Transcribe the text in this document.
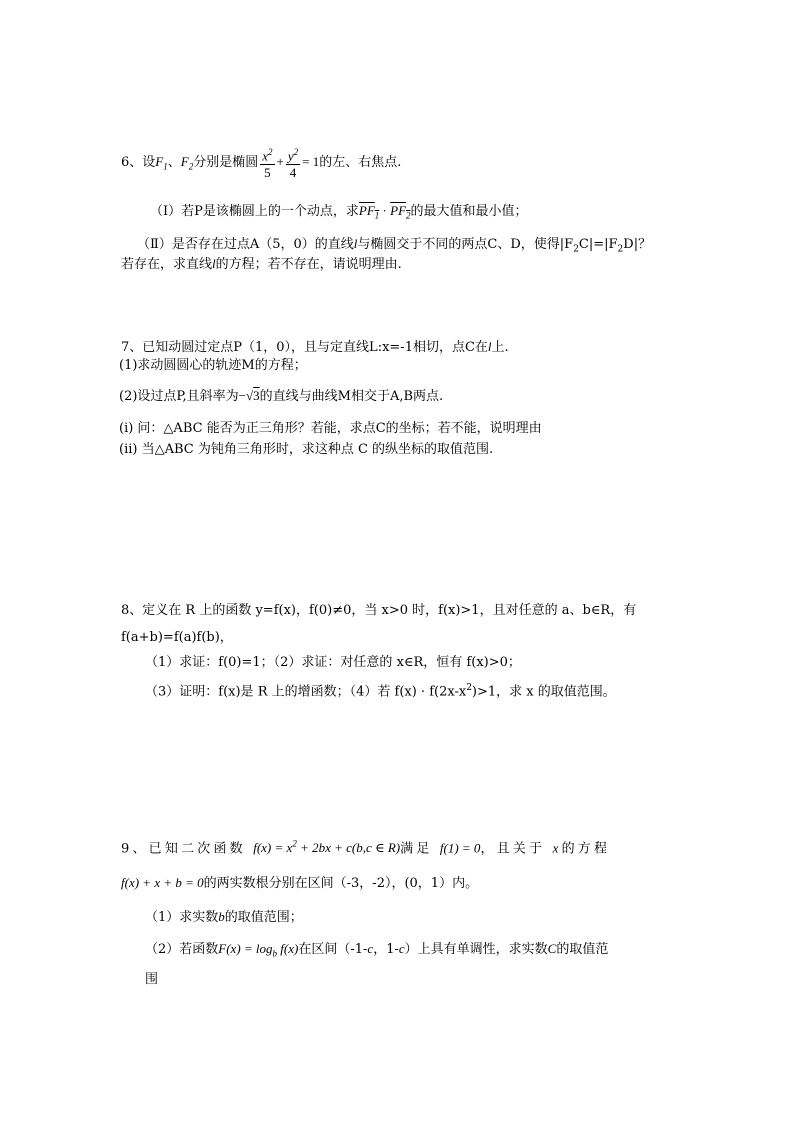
6、设$F_1$、$F_2$分别是椭圆 $\frac{x^2}{5} + \frac{y^2}{4} = 1$的左、右焦点.
（Ⅰ）若P是该椭圆上的一个动点，求$PF_1 \cdot PF_2$的最大值和最小值；
（Ⅱ）是否存在过点A（5，0）的直线l与椭圆交于不同的两点C、D，使得$|F_2C|=|F_2D|$？
若存在，求直线l的方程；若不存在，请说明理由.
7、已知动圆过定点P（1，0），且与定直线L:x=-1相切，点C在l上.
(1)求动圆圆心的轨迹M的方程；
(2)设过点P,且斜率为−√3的直线与曲线M相交于A,B两点.
(i) 问：△ABC 能否为正三角形？若能，求点C的坐标；若不能，说明理由
(ii) 当△ABC 为钝角三角形时，求这种点 C 的纵坐标的取值范围.
8、定义在 R 上的函数 y=f(x)，f(0)≠0，当 x>0 时，f(x)>1，且对任意的 a、b∈R，有
f(a+b)=f(a)f(b)，
（1）求证：f(0)=1；（2）求证：对任意的 x∈R，恒有 f(x)>0；
（3）证明：f(x)是 R 上的增函数；（4）若 $f(x) \cdot f(2x-x^2)>1$，求 x 的取值范围。
9、已知二次函数 $f(x) = x^2 + 2bx + c(b,c$ ∈ R)满足 f(1) = 0，且关于 x的方程
f(x) + x + b = 0的两实数根分别在区间（-3，-2），(0，1）内。
（1）求实数b的取值范围；
（2）若函数$F(x) = \log_b f(x)$在区间（-1-c，1-c）上具有单调性，求实数C的取值范
围
